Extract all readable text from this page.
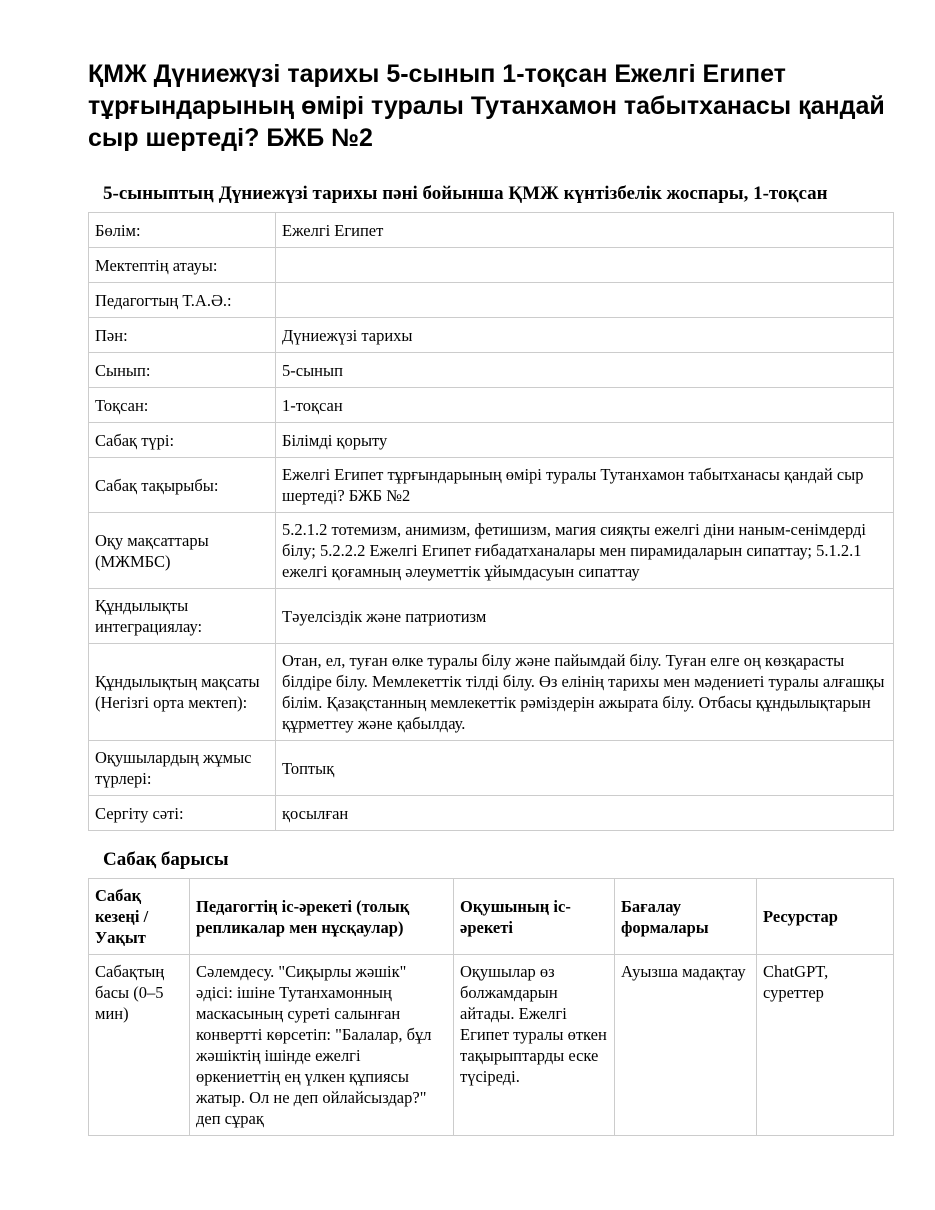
ҚМЖ Дүниежүзі тарихы 5-сынып 1-тоқсан Ежелгі Египет тұрғындарының өмірі туралы Тутанхамон табытханасы қандай сыр шертеді? БЖБ №2
5-сыныптың Дүниежүзі тарихы пәні бойынша ҚМЖ күнтізбелік жоспары, 1-тоқсан
Бөлім:	Ежелгі Египет
Мектептің атауы:	
Педагогтың Т.А.Ә.:	
Пән:	Дүниежүзі тарихы
Сынып:	5-сынып
Тоқсан:	1-тоқсан
Сабақ түрі:	Білімді қорыту
Сабақ тақырыбы:	Ежелгі Египет тұрғындарының өмірі туралы Тутанхамон табытханасы қандай сыр шертеді? БЖБ №2
Оқу мақсаттары (МЖМБС)	5.2.1.2 тотемизм, анимизм, фетишизм, магия сияқты ежелгі діни наным-сенімдерді білу; 5.2.2.2 Ежелгі Египет ғибадатханалары мен пирамидаларын сипаттау; 5.1.2.1 ежелгі қоғамның әлеуметтік ұйымдасуын сипаттау
Құндылықты интеграциялау:	Тәуелсіздік және патриотизм
Құндылықтың мақсаты (Негізгі орта мектеп):	Отан, ел, туған өлке туралы білу және пайымдай білу. Туған елге оң көзқарасты білдіре білу. Мемлекеттік тілді білу. Өз елінің тарихы мен мәдениеті туралы алғашқы білім. Қазақстанның мемлекеттік рәміздерін ажырата білу. Отбасы құндылықтарын құрметтеу және қабылдау.
Оқушылардың жұмыс түрлері:	Топтық
Сергіту сәті:	қосылған
Сабақ барысы
Сабақ кезеңі / Уақыт	Педагогтің іс-әрекеті (толық репликалар мен нұсқаулар)	Оқушының іс-әрекеті	Бағалау формалары	Ресурстар
Сабақтың басы (0–5 мин)	Сәлемдесу. "Сиқырлы жәшік" әдісі: ішіне Тутанхамонның маскасының суреті салынған конвертті көрсетіп: "Балалар, бұл жәшіктің ішінде ежелгі өркениеттің ең үлкен құпиясы жатыр. Ол не деп ойлайсыздар?" деп сұрақ	Оқушылар өз болжамдарын айтады. Ежелгі Египет туралы өткен тақырыптарды еске түсіреді.	Ауызша мадақтау	ChatGPT, суреттер
